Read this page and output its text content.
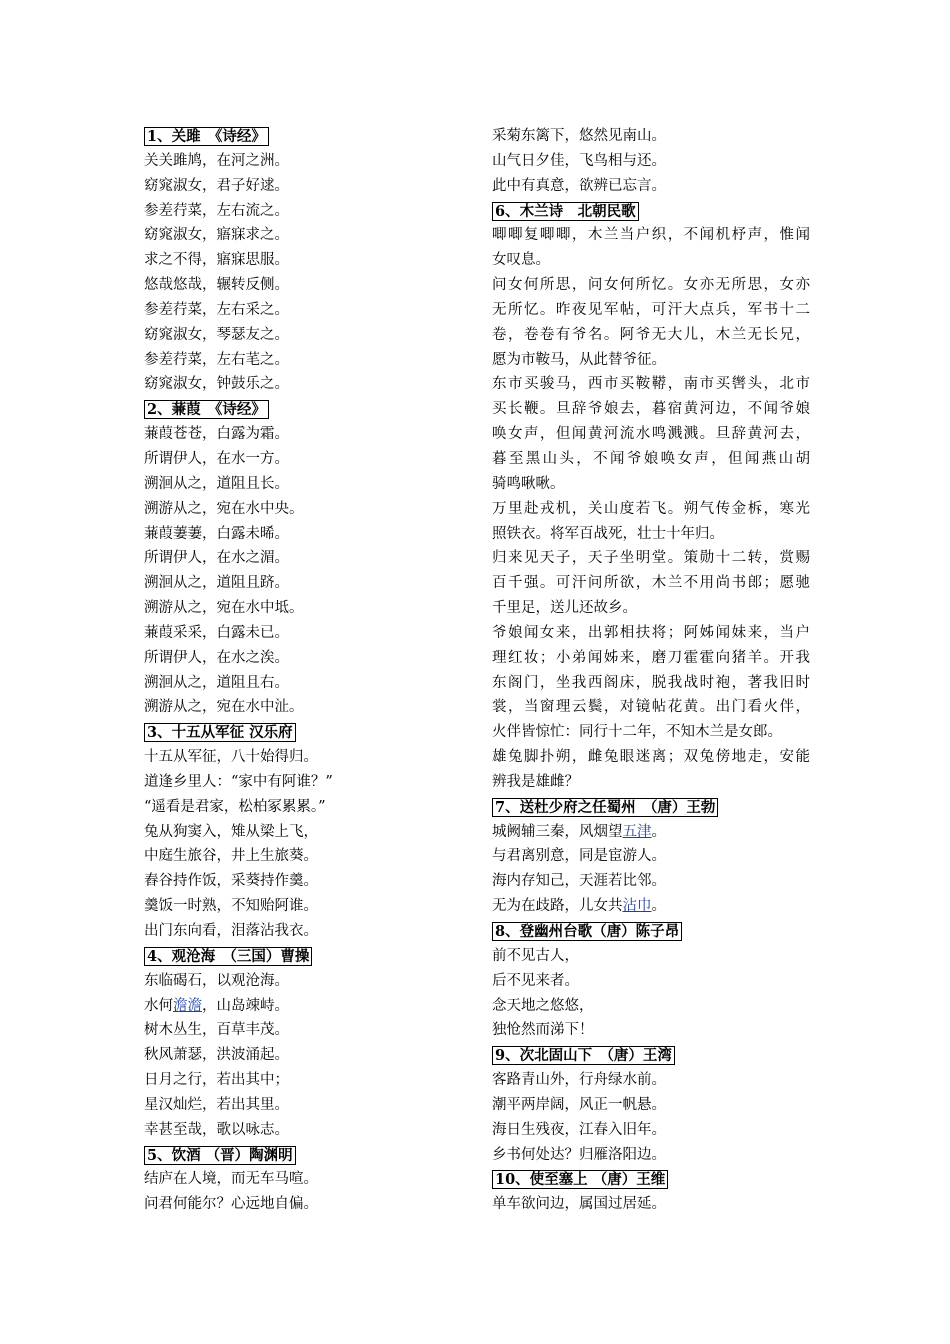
1、关雎　《诗经》
关关雎鸠，在河之洲。
窈窕淑女，君子好逑。
参差荇菜，左右流之。
窈窕淑女，寤寐求之。
求之不得，寤寐思服。
悠哉悠哉，辗转反侧。
参差荇菜，左右采之。
窈窕淑女，琴瑟友之。
参差荇菜，左右芼之。
窈窕淑女，钟鼓乐之。
2、蒹葭　《诗经》
蒹葭苍苍，白露为霜。
所谓伊人，在水一方。
溯洄从之，道阻且长。
溯游从之，宛在水中央。
蒹葭萋萋，白露未晞。
所谓伊人，在水之湄。
溯洄从之，道阻且跻。
溯游从之，宛在水中坻。
蒹葭采采，白露未已。
所谓伊人，在水之涘。
溯洄从之，道阻且右。
溯游从之，宛在水中沚。
3、十五从军征 汉乐府
十五从军征，八十始得归。
道逢乡里人：“家中有阿谁？”
“遥看是君家，松柏冢累累。”
兔从狗窦入，雉从梁上飞，
中庭生旅谷，井上生旅葵。
舂谷持作饭，采葵持作羹。
羹饭一时熟，不知贻阿谁。
出门东向看，泪落沾我衣。
4、观沧海　（三国）曹操
东临碣石，以观沧海。
水何澹澹，山岛竦峙。
树木丛生，百草丰茂。
秋风萧瑟，洪波涌起。
日月之行，若出其中；
星汉灿烂，若出其里。
幸甚至哉，歌以咏志。
5、饮酒 （晋）陶渊明
结庐在人境，而无车马喧。
问君何能尔？心远地自偏。
采菊东篱下，悠然见南山。
山气日夕佳，飞鸟相与还。
此中有真意，欲辨已忘言。
6、木兰诗　北朝民歌
唧唧复唧唧，木兰当户织，不闻机杼声，惟闻
女叹息。
问女何所思，问女何所忆。女亦无所思，女亦
无所忆。昨夜见军帖，可汗大点兵，军书十二
卷，卷卷有爷名。阿爷无大儿，木兰无长兄，
愿为市鞍马，从此替爷征。
东市买骏马，西市买鞍鞯，南市买辔头，北市
买长鞭。旦辞爷娘去，暮宿黄河边，不闻爷娘
唤女声，但闻黄河流水鸣溅溅。旦辞黄河去，
暮至黑山头，不闻爷娘唤女声，但闻燕山胡
骑鸣啾啾。
万里赴戎机，关山度若飞。朔气传金柝，寒光
照铁衣。将军百战死，壮士十年归。
归来见天子，天子坐明堂。策勋十二转，赏赐
百千强。可汗问所欲，木兰不用尚书郎；愿驰
千里足，送儿还故乡。
爷娘闻女来，出郭相扶将；阿姊闻妹来，当户
理红妆；小弟闻姊来，磨刀霍霍向猪羊。开我
东阁门，坐我西阁床，脱我战时袍，著我旧时
裳，当窗理云鬓，对镜帖花黄。出门看火伴，
火伴皆惊忙：同行十二年，不知木兰是女郎。
雄兔脚扑朔，雌兔眼迷离；双兔傍地走，安能
辨我是雄雌？
7、送杜少府之任蜀州　（唐）王勃
城阙辅三秦，风烟望五津。
与君离别意，同是宦游人。
海内存知己，天涯若比邻。
无为在歧路，儿女共沾巾。
8、登幽州台歌（唐）陈子昂
前不见古人，
后不见来者。
念天地之悠悠，
独怆然而涕下！
9、次北固山下　（唐）王湾
客路青山外，行舟绿水前。
潮平两岸阔，风正一帆悬。
海日生残夜，江春入旧年。
乡书何处达？归雁洛阳边。
10、使至塞上 （唐）王维
单车欲问边，属国过居延。
